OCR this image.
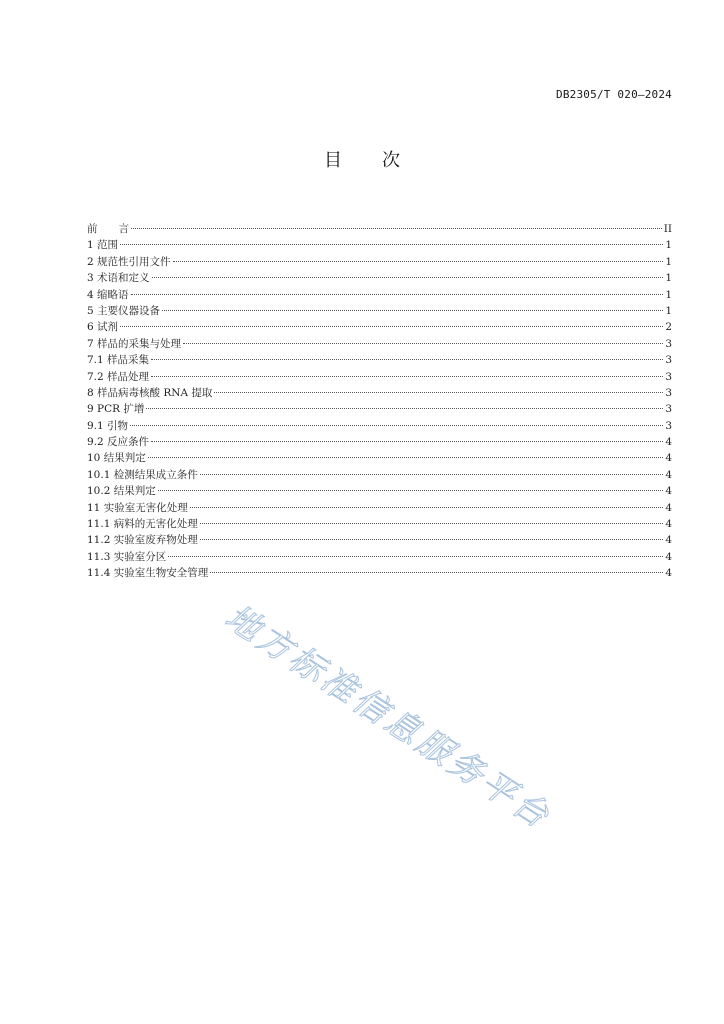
DB2305/T 020—2024
目 次
前　　言	II
1 范围	1
2 规范性引用文件	1
3 术语和定义	1
4 缩略语	1
5 主要仪器设备	1
6 试剂	2
7 样品的采集与处理	3
7.1 样品采集	3
7.2 样品处理	3
8 样品病毒核酸 RNA 提取	3
9 PCR 扩增	3
9.1 引物	3
9.2 反应条件	4
10 结果判定	4
10.1 检测结果成立条件	4
10.2 结果判定	4
11 实验室无害化处理	4
11.1 病料的无害化处理	4
11.2 实验室废弃物处理	4
11.3 实验室分区	4
11.4 实验室生物安全管理	4
地方标准信息服务平台
